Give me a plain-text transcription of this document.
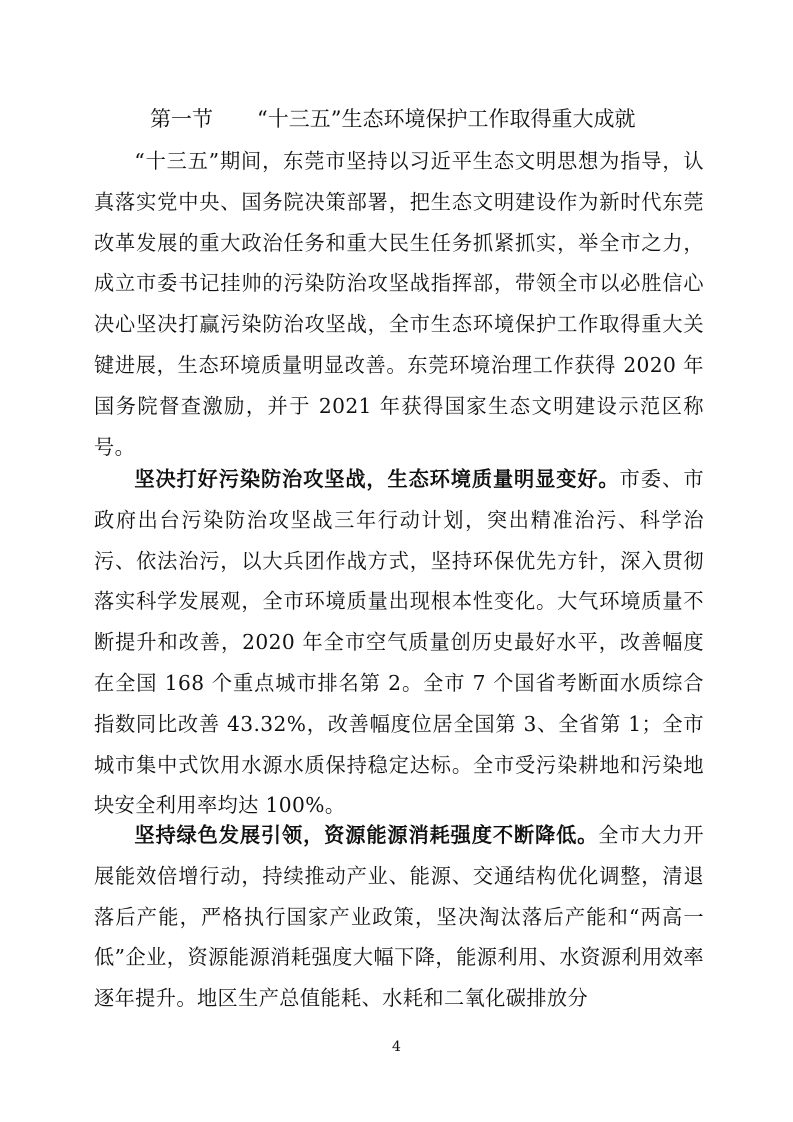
第一节 “十三五”生态环境保护工作取得重大成就

“十三五”期间，东莞市坚持以习近平生态文明思想为指导，认真落实党中央、国务院决策部署，把生态文明建设作为新时代东莞改革发展的重大政治任务和重大民生任务抓紧抓实，举全市之力，成立市委书记挂帅的污染防治攻坚战指挥部，带领全市以必胜信心决心坚决打赢污染防治攻坚战，全市生态环境保护工作取得重大关键进展，生态环境质量明显改善。东莞环境治理工作获得 2020 年国务院督查激励，并于 2021 年获得国家生态文明建设示范区称号。

坚决打好污染防治攻坚战，生态环境质量明显变好。市委、市政府出台污染防治攻坚战三年行动计划，突出精准治污、科学治污、依法治污，以大兵团作战方式，坚持环保优先方针，深入贯彻落实科学发展观，全市环境质量出现根本性变化。大气环境质量不断提升和改善，2020 年全市空气质量创历史最好水平，改善幅度在全国 168 个重点城市排名第 2。全市 7 个国省考断面水质综合指数同比改善 43.32%，改善幅度位居全国第 3、全省第 1；全市城市集中式饮用水源水质保持稳定达标。全市受污染耕地和污染地块安全利用率均达 100%。

坚持绿色发展引领，资源能源消耗强度不断降低。全市大力开展能效倍增行动，持续推动产业、能源、交通结构优化调整，清退落后产能，严格执行国家产业政策，坚决淘汰落后产能和“两高一低”企业，资源能源消耗强度大幅下降，能源利用、水资源利用效率逐年提升。地区生产总值能耗、水耗和二氧化碳排放分

4
